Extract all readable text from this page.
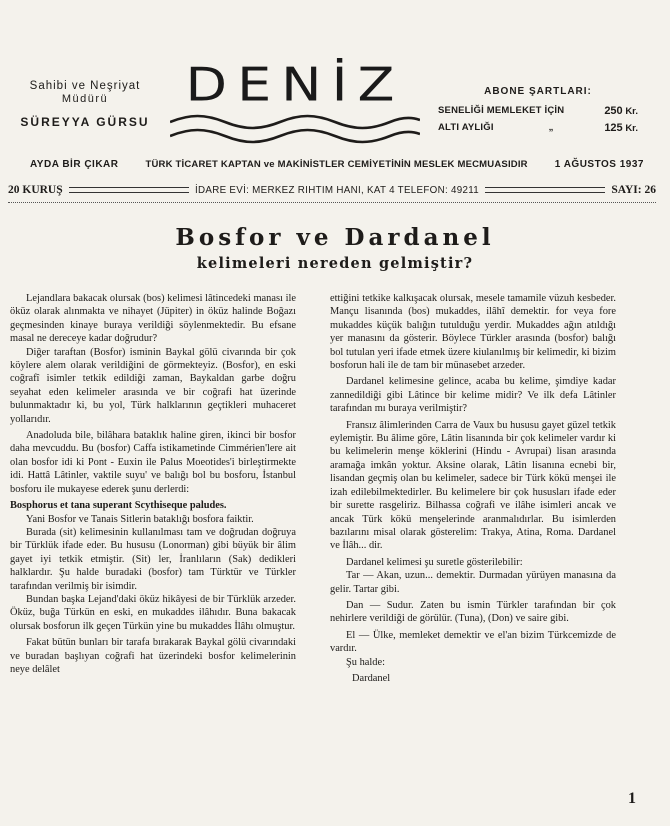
Sahibi ve Neşriyat
Müdürü
SÜREYYA GÜRSU
DENİZ	ABONE ŞARTLARI:
SENELİĞİ MEMLEKET İÇİN	250 Kr.
ALTI AYLIĞI	„	125 Kr.
AYDA BİR ÇIKAR	TÜRK TİCARET KAPTAN ve MAKİNİSTLER CEMİYETİNİN MESLEK MECMUASIDIR	1 AĞUSTOS 1937
20 KURUŞ	İDARE EVİ: MERKEZ RIHTIM HANI, KAT 4 TELEFON: 49211	SAYI: 26
Bosfor ve Dardanel
kelimeleri nereden gelmiştir?

Lejandlara bakacak olursak (bos) kelimesi lâtincedeki manası ile öküz olarak alınmakta ve nihayet (Jüpiter) in öküz halinde Boğazı geçmesinden kinaye buraya verildiği söylenmektedir. Bu efsane masal ne dereceye kadar doğrudur?

Diğer taraftan (Bosfor) isminin Baykal gölü civarında bir çok köylere alem olarak verildiğini de görmekteyiz. (Bosfor), en eski coğrafî isimler tetkik edildiği zaman, Baykaldan garbe doğru seyahat eden kelimeler arasında ve bir coğrafi hat üzerinde bulunmaktadır ki, bu yol, Türk halklarının geçtikleri muhaceret yollarıdır.

Anadoluda bile, bilâhara bataklık haline giren, ikinci bir bosfor daha mevcuddu. Bu (bosfor) Caffa istikametinde Cimmérien'lere ait olan bosfor idi ki Pont - Euxin ile Palus Moeotides'i birleştirmekte idi. Hattâ Lâtinler, vaktile suyu' ve balığı bol bu bosforu, İstanbul bosforu ile mukayese ederek şunu derlerdi:

Bosphorus et tana superant Scythiseque paludes.

Yani Bosfor ve Tanais Sitlerin bataklığı bosfora faiktir.

Burada (sit) kelimesinin kullanılması tam ve doğrudan doğruya bir Türklük ifade eder. Bu hususu (Lonorman) gibi büyük bir âlim gayet iyi tetkik etmiştir. (Sit) ler, İranlıların (Sak) dedikleri halklardır. Şu halde buradaki (bosfor) tam Türktür ve Türkler tarafından verilmiş bir isimdir.

Bundan başka Lejand'daki öküz hikâyesi de bir Türklük arzeder. Öküz, buğa Türkün en eski, en mukaddes ilâhıdır. Buna bakacak olursak bosforun ilk geçen Türkün yine bu mukaddes İlâhı olmuştur.

Fakat bütün bunları bir tarafa bırakarak Baykal gölü civarındaki ve buradan başlıyan coğrafi hat üzerindeki bosfor kelimelerinin neye delâlet

ettiğini tetkike kalkışacak olursak, mesele tamamile vüzuh kesbeder. Mançu lisanında (bos) mukaddes, ilâhî demektir. for veya fore mukaddes küçük balığın tutulduğu yerdir. Mukaddes ağın atıldığı yer manasını da gösterir. Böylece Türkler arasında (bosfor) balığı bol tutulan yeri ifade etmek üzere kiulanılmış bir kelimedir, ki bizim bosforun hali ile de tam bir münasebet arzeder.

Dardanel kelimesine gelince, acaba bu kelime, şimdiye kadar zannedildiği gibi Lâtince bir kelime midir? Ve ilk defa Lâtinler tarafından mı buraya verilmiştir?

Fransız âlimlerinden Carra de Vaux bu hususu gayet güzel tetkik eylemiştir. Bu âlime göre, Lâtin lisanında bir çok kelimeler vardır ki bu kelimelerin menşe köklerini (Hindu - Avrupai) lisan arasında aramağa imkân yoktur. Aksine olarak, Lâtin lisanına ecnebi bir, lisandan geçmiş olan bu kelimeler, sadece bir Türk kökü menşei ile izah edilebilmektedirler. Bu kelimelere bir çok hususları ifade eder bir surette rasgeliriz. Bilhassa coğrafi ve ilâhe isimleri ancak ve ancak Türk kökü menşelerinde aranmalıdırlar. Bu isimlerden bazılarını misal olarak gösterelim: Trakya, Atina, Roma. Dardanel ve İlâh... dir.

Dardanel kelimesi şu suretle gösterilebilir:

Tar — Akan, uzun... demektir. Durmadan yürüyen manasına da gelir. Tartar gibi.

Dan — Sudur. Zaten bu ismin Türkler tarafından bir çok nehirlere verildiği de görülür. (Tuna), (Don) ve saire gibi.

El — Ülke, memleket demektir ve el'an bizim Türkcemizde de vardır.

Şu halde:

Dardanel

1
